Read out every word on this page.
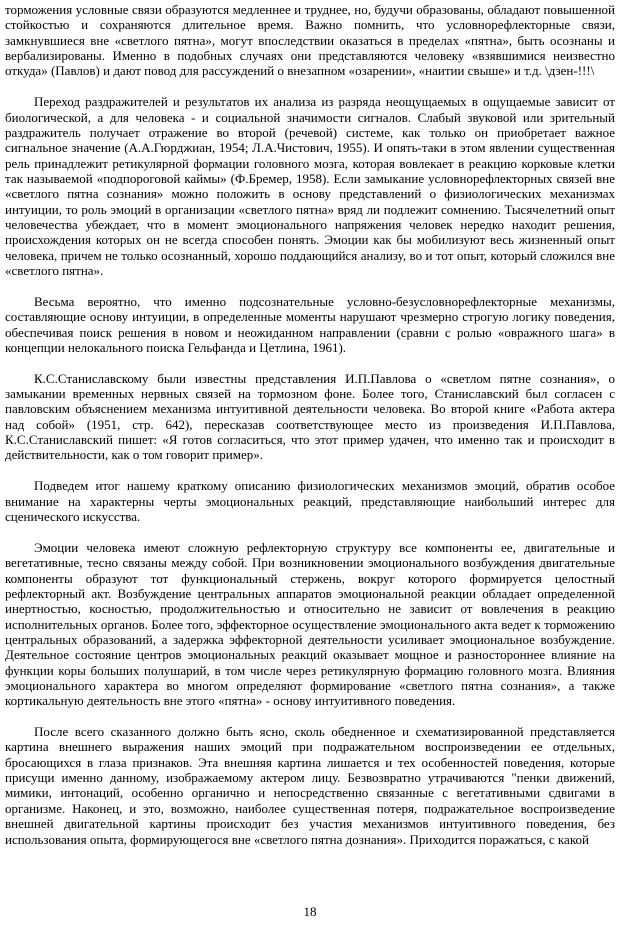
торможения условные связи образуются медленнее и труднее, но, будучи образованы, обладают повышенной стойкостью и сохраняются длительное время. Важно помнить, что условнорефлекторные связи, замкнувшиеся вне «светлого пятна», могут впоследствии оказаться в пределах «пятна», быть осознаны и вербализированы. Именно в подобных случаях они представляются человеку «взявшимися неизвестно откуда» (Павлов) и дают повод для рассуждений о внезапном «озарении», «наитии свыше» и т.д. \дзен-!!!\

Переход раздражителей и результатов их анализа из разряда неощущаемых в ощущаемые зависит от биологической, а для человека - и социальной значимости сигналов. Слабый звуковой или зрительный раздражитель получает отражение во второй (речевой) системе, как только он приобретает важное сигнальное значение (А.А.Гюрджиан, 1954; Л.А.Чистович, 1955). И опять-таки в этом явлении существенная рель принадлежит ретикулярной формации головного мозга, которая вовлекает в реакцию корковые клетки так называемой «подпороговой каймы» (Ф.Бремер, 1958). Если замыкание условнорефлекторных связей вне «светлого пятна сознания» можно положить в основу представлений о физиологических механизмах интуиции, то роль эмоций в организации «светлого пятна» вряд ли подлежит сомнению. Тысячелетний опыт человечества убеждает, что в момент эмоционального напряжения человек нередко находит решения, происхождения которых он не всегда способен понять. Эмоции как бы мобилизуют весь жизненный опыт человека, причем не только осознанный, хорошо поддающийся анализу, во и тот опыт, который сложился вне «светлого пятна».

Весьма вероятно, что именно подсознательные условно-безусловнорефлекторные механизмы, составляющие основу интуиции, в определенные моменты нарушают чрезмерно строгую логику поведения, обеспечивая поиск решения в новом и неожиданном направлении (сравни с ролью «овражного шага» в концепции нелокального поиска Гельфанда и Цетлина, 1961).

К.С.Станиславскому были известны представления И.П.Павлова о «светлом пятне сознания», о замыкании временных нервных связей на тормозном фоне. Более того, Станиславский был согласен с павловским объяснением механизма интуитивной деятельности человека. Во второй книге «Работа актера над собой» (1951, стр. 642), пересказав соответствующее место из произведения И.П.Павлова, К.С.Станиславский пишет: «Я готов согласиться, что этот пример удачен, что именно так и происходит в действительности, как о том говорит пример».

Подведем итог нашему краткому описанию физиологических механизмов эмоций, обратив особое внимание на характерны черты эмоциональных реакций, представляющие наибольший интерес для сценического искусства.

Эмоции человека имеют сложную рефлекторную структуру все компоненты ее, двигательные и вегетативные, тесно связаны между собой. При возникновении эмоционального возбуждения двигательные компоненты образуют тот функциональный стержень, вокруг которого формируется целостный рефлекторный акт. Возбуждение центральных аппаратов эмоциональной реакции обладает определенной инертностью, косностью, продолжительностью и относительно не зависит от вовлечения в реакцию исполнительных органов. Более того, эффекторное осуществление эмоционального акта ведет к торможению центральных образований, а задержка эффекторной деятельности усиливает эмоциональное возбуждение. Деятельное состояние центров эмоциональных реакций оказывает мощное и разностороннее влияние на функции коры больших полушарий, в том числе через ретикулярную формацию головного мозга. Влияния эмоционального характера во многом определяют формирование «светлого пятна сознания», а также кортикальную деятельность вне этого «пятна» - основу интуитивного поведения.

После всего сказанного должно быть ясно, сколь обедненное и схематизированной представляется картина внешнего выражения наших эмоций при подражательном воспроизведении ее отдельных, бросающихся в глаза признаков. Эта внешняя картина лишается и тех особенностей поведения, которые присущи именно данному, изображаемому актером лицу. Безвозвратно утрачиваются "пенки движений, мимики, интонаций, особенно органично и непосредственно связанные с вегетативными сдвигами в организме. Наконец, и это, возможно, наиболее существенная потеря, подражательное воспроизведение внешней двигательной картины происходит без участия механизмов интуитивного поведения, без использования опыта, формирующегося вне «светлого пятна дознания». Приходится поражаться, с какой

18
